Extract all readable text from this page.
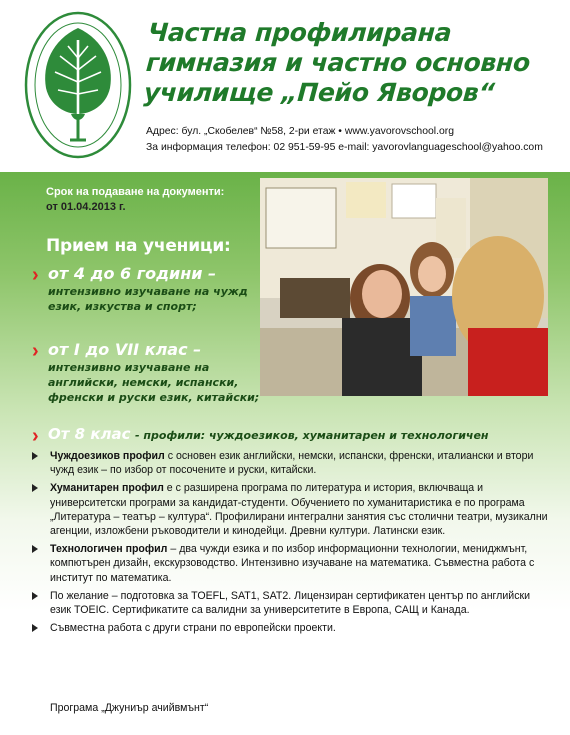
Частна профилирана
гимназия и частно основно
училище „Пейо Яворов“
Адрес: бул. „Скобелев“ №58, 2-ри етаж • www.yavorovschool.org
За информация телефон: 02 951-59-95 e-mail: yavorovlanguageschool@yahoo.com
Срок на подаване на документи:
от 01.04.2013 г.
Прием на ученици:
› от 4 до 6 години –
интензивно изучаване на чужд език, изкуства и спорт;
› от I до VII клас –
интензивно изучаване на английски, немски, испански, френски и руски език, китайски;
› От 8 клас - профили: чуждоезиков, хуманитарен и технологичен
Чуждоезиков профил с основен език английски, немски, испански, френски, италиански и втори чужд език – по избор от посочените и руски, китайски.
Хуманитарен профил е с разширена програма по литература и история, включваща и университетски програми за кандидат-студенти. Обучението по хуманитаристика е по програма „Литература – театър – култура“. Профилирани интегрални занятия със столични театри, музикални агенции, изложбени ръководители и кинодейци. Древни култури. Латински език.
Технологичен профил – два чужди езика и по избор информационни технологии, мениджмънт, компютърен дизайн, екскурзоводство. Интензивно изучаване на математика. Съвместна работа с институт по математика.
По желание – подготовка за TOEFL, SAT1, SAT2. Лицензиран сертификатен център по английски език TOEIC. Сертификатите са валидни за университетите в Европа, САЩ и Канада.
Съвместна работа с други страни по европейски проекти.
Програма „Джуниър ачийвмънт“
